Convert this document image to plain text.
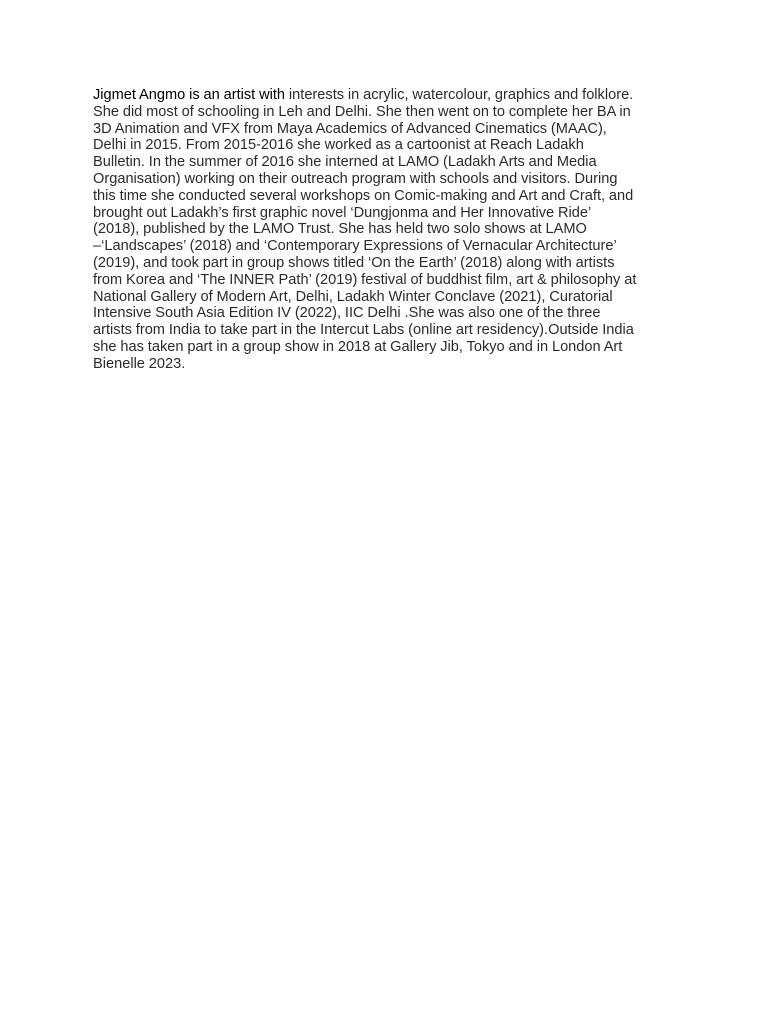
Jigmet Angmo is an artist with interests in acrylic, watercolour, graphics and folklore.
She did most of schooling in Leh and Delhi. She then went on to complete her BA in
3D Animation and VFX from Maya Academics of Advanced Cinematics (MAAC),
Delhi in 2015. From 2015-2016 she worked as a cartoonist at Reach Ladakh
Bulletin. In the summer of 2016 she interned at LAMO (Ladakh Arts and Media
Organisation) working on their outreach program with schools and visitors. During
this time she conducted several workshops on Comic-making and Art and Craft, and
brought out Ladakh’s first graphic novel ‘Dungjonma and Her Innovative Ride’
(2018), published by the LAMO Trust. She has held two solo shows at LAMO
–‘Landscapes’ (2018) and ‘Contemporary Expressions of Vernacular Architecture’
(2019), and took part in group shows titled ‘On the Earth’ (2018) along with artists
from Korea and ‘The INNER Path’ (2019) festival of buddhist film, art & philosophy at
National Gallery of Modern Art, Delhi, Ladakh Winter Conclave (2021), Curatorial
Intensive South Asia Edition IV (2022), IIC Delhi .She was also one of the three
artists from India to take part in the Intercut Labs (online art residency).Outside India
she has taken part in a group show in 2018 at Gallery Jib, Tokyo and in London Art
Bienelle 2023.
